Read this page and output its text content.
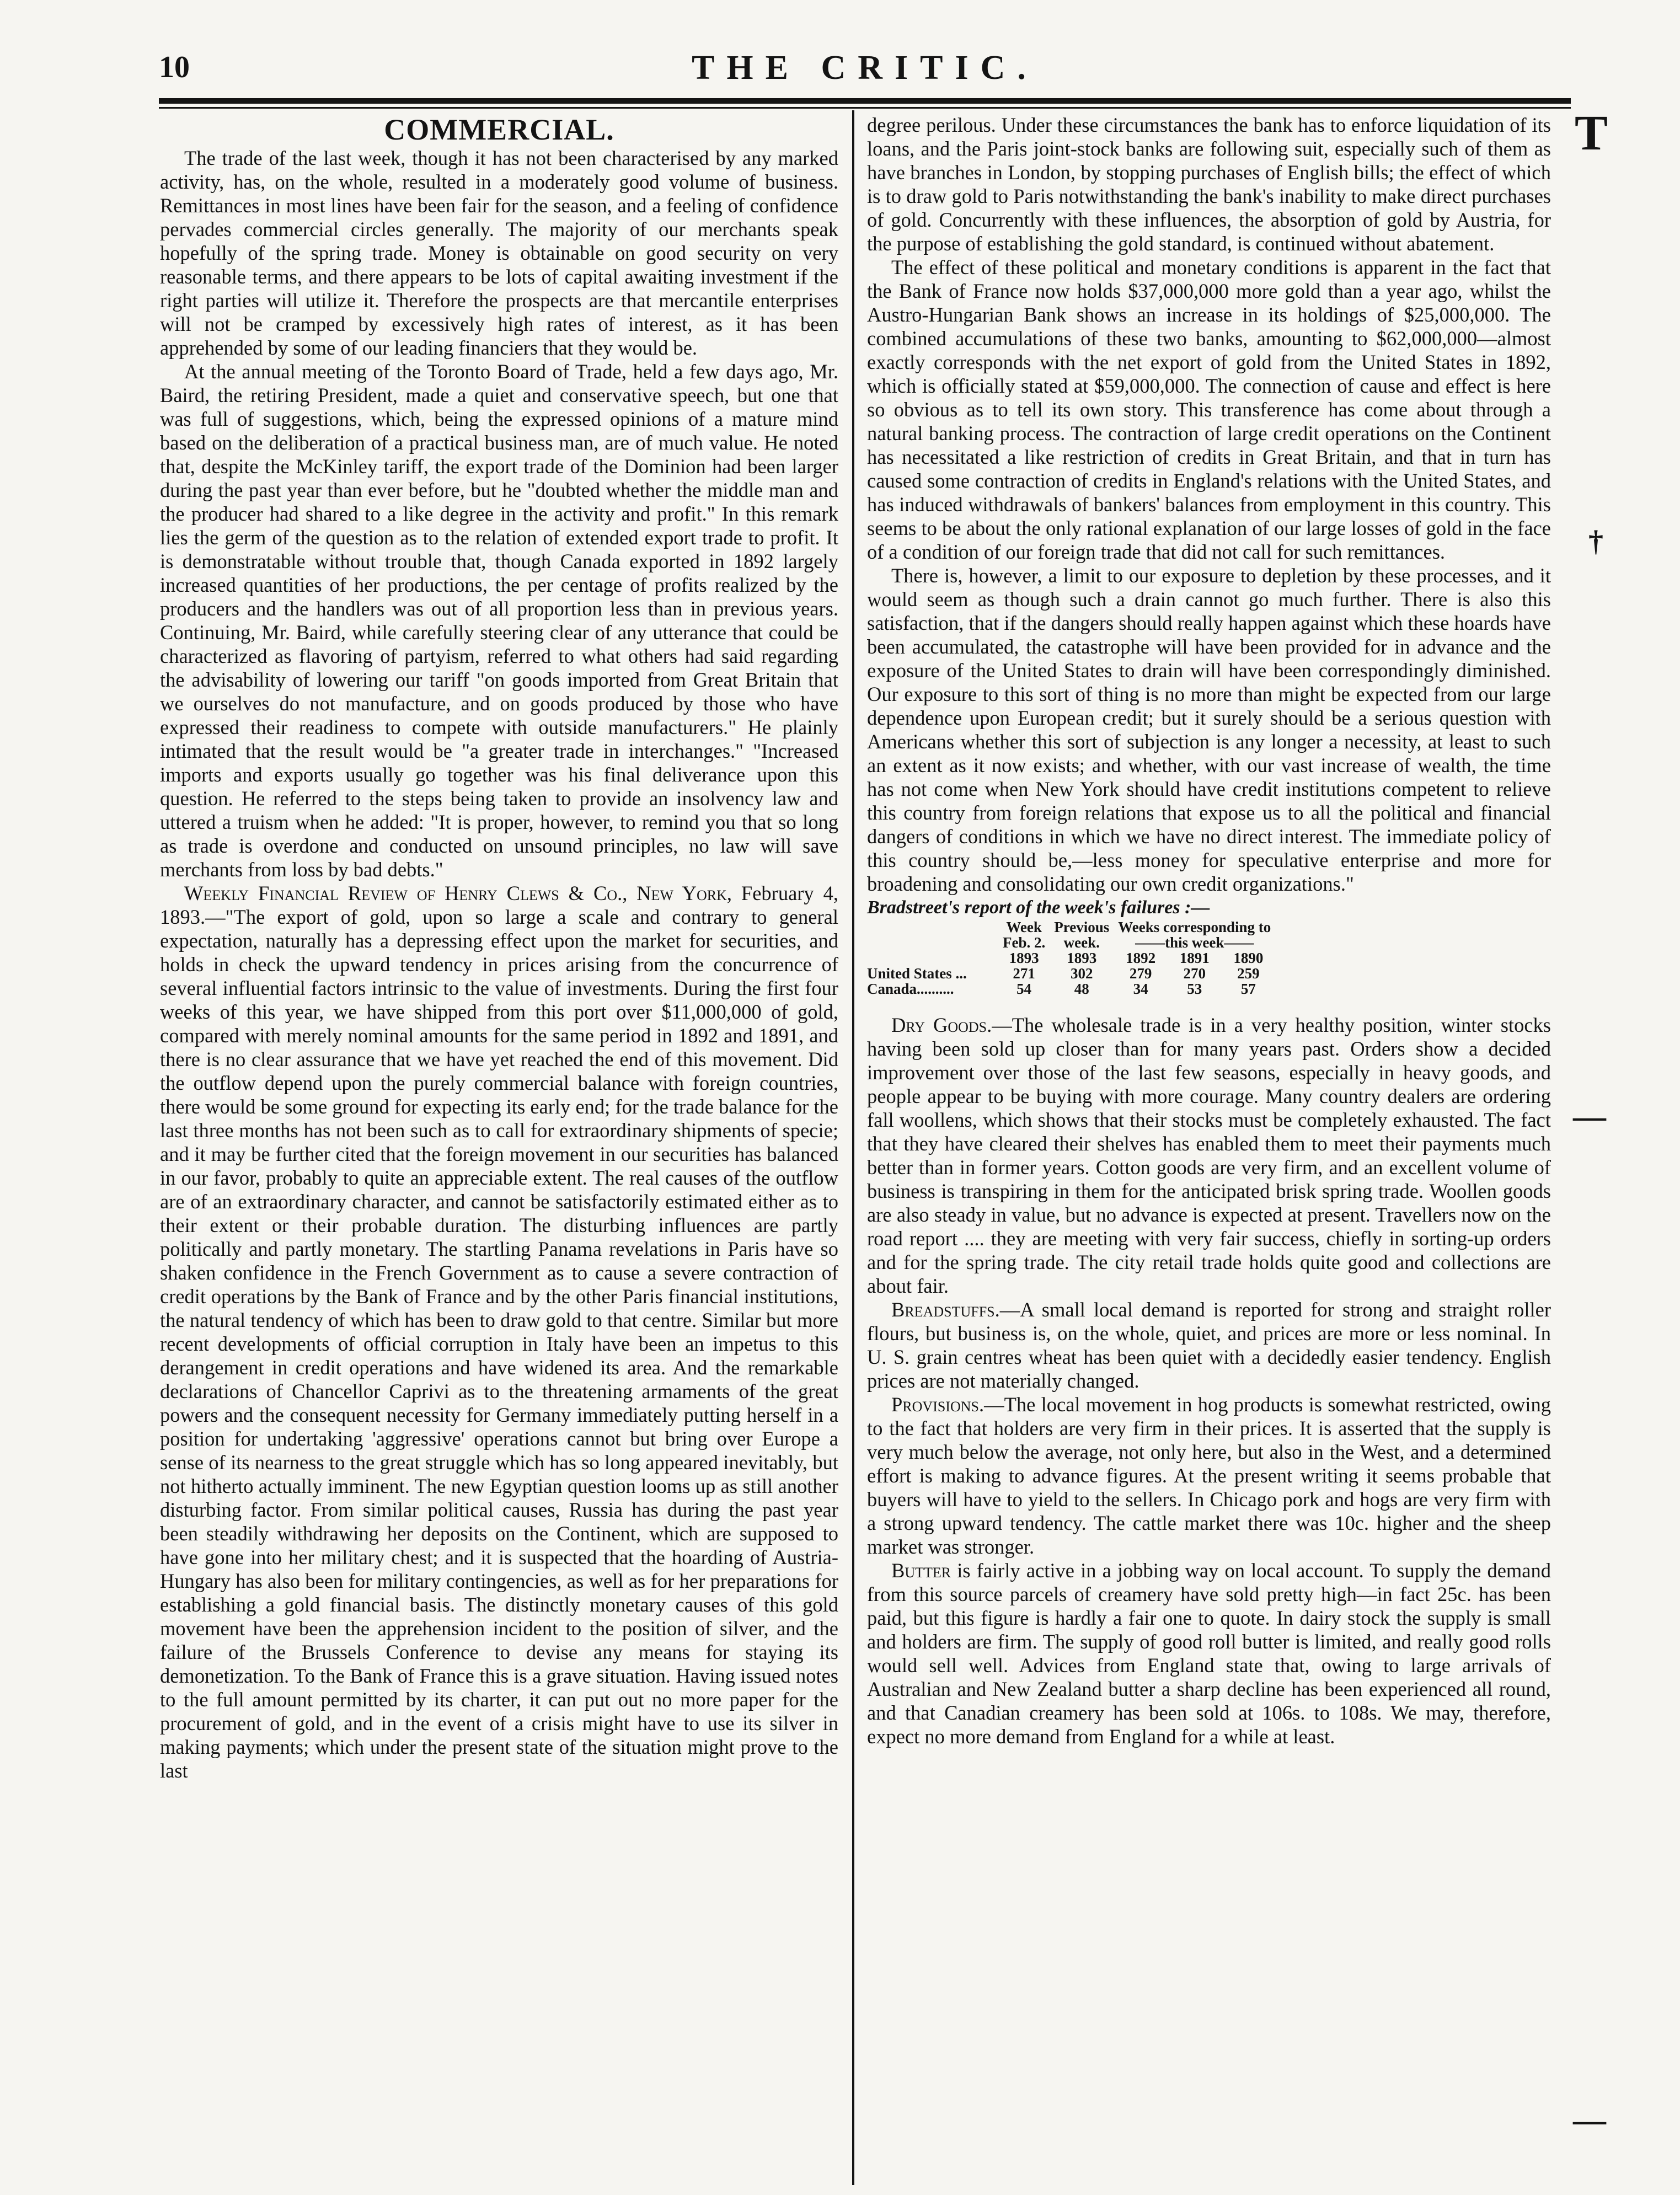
10	THE CRITIC.

COMMERCIAL.

The trade of the last week, though it has not been characterised by any marked activity, has, on the whole, resulted in a moderately good volume of business. Remittances in most lines have been fair for the season, and a feeling of confidence pervades commercial circles generally. The majority of our merchants speak hopefully of the spring trade. Money is obtainable on good security on very reasonable terms, and there appears to be lots of capital awaiting investment if the right parties will utilize it. Therefore the prospects are that mercantile enterprises will not be cramped by excessively high rates of interest, as it has been apprehended by some of our leading financiers that they would be.

At the annual meeting of the Toronto Board of Trade, held a few days ago, Mr. Baird, the retiring President, made a quiet and conservative speech, but one that was full of suggestions, which, being the expressed opinions of a mature mind based on the deliberation of a practical business man, are of much value. He noted that, despite the McKinley tariff, the export trade of the Dominion had been larger during the past year than ever before, but he "doubted whether the middle man and the producer had shared to a like degree in the activity and profit." In this remark lies the germ of the question as to the relation of extended export trade to profit. It is demonstratable without trouble that, though Canada exported in 1892 largely increased quantities of her productions, the per centage of profits realized by the producers and the handlers was out of all proportion less than in previous years. Continuing, Mr. Baird, while carefully steering clear of any utterance that could be characterized as flavoring of partyism, referred to what others had said regarding the advisability of lowering our tariff "on goods imported from Great Britain that we ourselves do not manufacture, and on goods produced by those who have expressed their readiness to compete with outside manufacturers." He plainly intimated that the result would be "a greater trade in interchanges." "Increased imports and exports usually go together was his final deliverance upon this question. He referred to the steps being taken to provide an insolvency law and uttered a truism when he added: "It is proper, however, to remind you that so long as trade is overdone and conducted on unsound principles, no law will save merchants from loss by bad debts."

Weekly Financial Review of Henry Clews & Co., New York, February 4, 1893.—"The export of gold, upon so large a scale and contrary to general expectation, naturally has a depressing effect upon the market for securities, and holds in check the upward tendency in prices arising from the concurrence of several influential factors intrinsic to the value of investments. During the first four weeks of this year, we have shipped from this port over $11,000,000 of gold, compared with merely nominal amounts for the same period in 1892 and 1891, and there is no clear assurance that we have yet reached the end of this movement. Did the outflow depend upon the purely commercial balance with foreign countries, there would be some ground for expecting its early end; for the trade balance for the last three months has not been such as to call for extraordinary shipments of specie; and it may be further cited that the foreign movement in our securities has balanced in our favor, probably to quite an appreciable extent. The real causes of the outflow are of an extraordinary character, and cannot be satisfactorily estimated either as to their extent or their probable duration. The disturbing influences are partly politically and partly monetary. The startling Panama revelations in Paris have so shaken confidence in the French Government as to cause a severe contraction of credit operations by the Bank of France and by the other Paris financial institutions, the natural tendency of which has been to draw gold to that centre. Similar but more recent developments of official corruption in Italy have been an impetus to this derangement in credit operations and have widened its area. And the remarkable declarations of Chancellor Caprivi as to the threatening armaments of the great powers and the consequent necessity for Germany immediately putting herself in a position for undertaking 'aggressive' operations cannot but bring over Europe a sense of its nearness to the great struggle which has so long appeared inevitably, but not hitherto actually imminent. The new Egyptian question looms up as still another disturbing factor. From similar political causes, Russia has during the past year been steadily withdrawing her deposits on the Continent, which are supposed to have gone into her military chest; and it is suspected that the hoarding of Austria-Hungary has also been for military contingencies, as well as for her preparations for establishing a gold financial basis. The distinctly monetary causes of this gold movement have been the apprehension incident to the position of silver, and the failure of the Brussels Conference to devise any means for staying its demonetization. To the Bank of France this is a grave situation. Having issued notes to the full amount permitted by its charter, it can put out no more paper for the procurement of gold, and in the event of a crisis might have to use its silver in making payments; which under the present state of the situation might prove to the last

degree perilous. Under these circumstances the bank has to enforce liquidation of its loans, and the Paris joint-stock banks are following suit, especially such of them as have branches in London, by stopping purchases of English bills; the effect of which is to draw gold to Paris notwithstanding the bank's inability to make direct purchases of gold. Concurrently with these influences, the absorption of gold by Austria, for the purpose of establishing the gold standard, is continued without abatement.

The effect of these political and monetary conditions is apparent in the fact that the Bank of France now holds $37,000,000 more gold than a year ago, whilst the Austro-Hungarian Bank shows an increase in its holdings of $25,000,000. The combined accumulations of these two banks, amounting to $62,000,000—almost exactly corresponds with the net export of gold from the United States in 1892, which is officially stated at $59,000,000. The connection of cause and effect is here so obvious as to tell its own story. This transference has come about through a natural banking process. The contraction of large credit operations on the Continent has necessitated a like restriction of credits in Great Britain, and that in turn has caused some contraction of credits in England's relations with the United States, and has induced withdrawals of bankers' balances from employment in this country. This seems to be about the only rational explanation of our large losses of gold in the face of a condition of our foreign trade that did not call for such remittances.

There is, however, a limit to our exposure to depletion by these processes, and it would seem as though such a drain cannot go much further. There is also this satisfaction, that if the dangers should really happen against which these hoards have been accumulated, the catastrophe will have been provided for in advance and the exposure of the United States to drain will have been correspondingly diminished. Our exposure to this sort of thing is no more than might be expected from our large dependence upon European credit; but it surely should be a serious question with Americans whether this sort of subjection is any longer a necessity, at least to such an extent as it now exists; and whether, with our vast increase of wealth, the time has not come when New York should have credit institutions competent to relieve this country from foreign relations that expose us to all the political and financial dangers of conditions in which we have no direct interest. The immediate policy of this country should be,—less money for speculative enterprise and more for broadening and consolidating our own credit organizations."

Bradstreet's report of the week's failures :—

	Week	Previous	Weeks corresponding to		
	Feb. 2.	week.	——this week——		
	1893	1893	1892	1891	1890
United States ...	271	302	279	270	259
Canada..........	54	48	34	53	57

Dry Goods.—The wholesale trade is in a very healthy position, winter stocks having been sold up closer than for many years past. Orders show a decided improvement over those of the last few seasons, especially in heavy goods, and people appear to be buying with more courage. Many country dealers are ordering fall woollens, which shows that their stocks must be completely exhausted. The fact that they have cleared their shelves has enabled them to meet their payments much better than in former years. Cotton goods are very firm, and an excellent volume of business is transpiring in them for the anticipated brisk spring trade. Woollen goods are also steady in value, but no advance is expected at present. Travellers now on the road report .... they are meeting with very fair success, chiefly in sorting-up orders and for the spring trade. The city retail trade holds quite good and collections are about fair.

Breadstuffs.—A small local demand is reported for strong and straight roller flours, but business is, on the whole, quiet, and prices are more or less nominal. In U. S. grain centres wheat has been quiet with a decidedly easier tendency. English prices are not materially changed.

Provisions.—The local movement in hog products is somewhat restricted, owing to the fact that holders are very firm in their prices. It is asserted that the supply is very much below the average, not only here, but also in the West, and a determined effort is making to advance figures. At the present writing it seems probable that buyers will have to yield to the sellers. In Chicago pork and hogs are very firm with a strong upward tendency. The cattle market there was 10c. higher and the sheep market was stronger.

Butter is fairly active in a jobbing way on local account. To supply the demand from this source parcels of creamery have sold pretty high—in fact 25c. has been paid, but this figure is hardly a fair one to quote. In dairy stock the supply is small and holders are firm. The supply of good roll butter is limited, and really good rolls would sell well. Advices from England state that, owing to large arrivals of Australian and New Zealand butter a sharp decline has been experienced all round, and that Canadian creamery has been sold at 106s. to 108s. We may, therefore, expect no more demand from England for a while at least.

T
†
—
—
